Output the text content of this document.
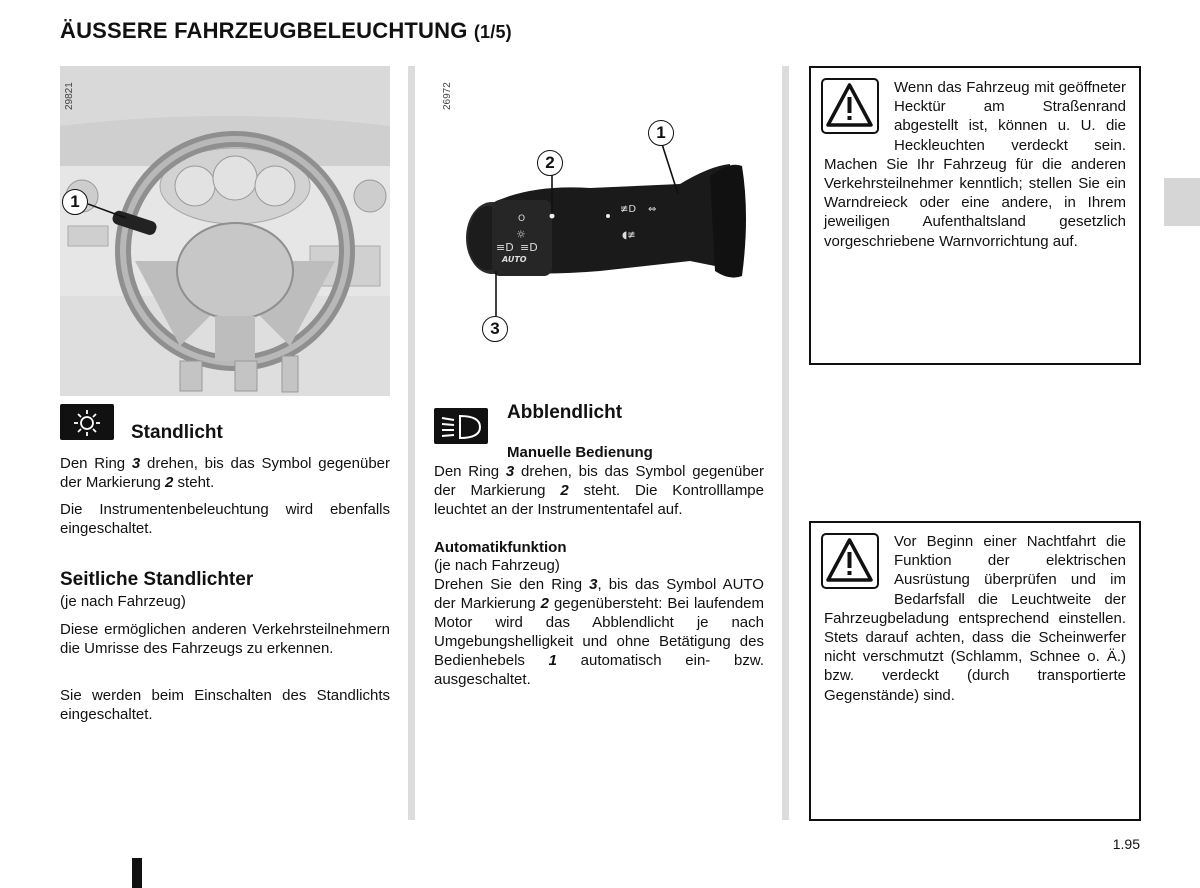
ÄUSSERE FAHRZEUGBELEUCHTUNG (1/5)
29821
1
26972
O
☼
≡D ≡D
AUTO
≢D ⇔
◖≢
1
2
3
Standlicht
Den Ring 3 drehen, bis das Symbol gegenüber der Markierung 2 steht.
Die Instrumentenbeleuchtung wird ebenfalls eingeschaltet.
Seitliche Standlichter
(je nach Fahrzeug)
Diese ermöglichen anderen Verkehrsteilnehmern die Umrisse des Fahrzeugs zu erkennen.
Sie werden beim Einschalten des Standlichts eingeschaltet.
Abblendlicht
Manuelle Bedienung
Den Ring 3 drehen, bis das Symbol gegenüber der Markierung 2 steht. Die Kontrolllampe leuchtet an der Instrumententafel auf.
Automatikfunktion
(je nach Fahrzeug)
Drehen Sie den Ring 3, bis das Symbol AUTO der Markierung 2 gegenübersteht: Bei laufendem Motor wird das Abblendlicht je nach Umgebungshelligkeit und ohne Betätigung des Bedienhebels 1 automatisch ein- bzw. ausgeschaltet.
Wenn das Fahrzeug mit geöffneter Hecktür am Straßenrand abgestellt ist, können u. U. die Heckleuchten verdeckt sein. Machen Sie Ihr Fahrzeug für die anderen Verkehrsteilnehmer kenntlich; stellen Sie ein Warndreieck oder eine andere, in Ihrem jeweiligen Aufenthaltsland gesetzlich vorgeschriebene Warnvorrichtung auf.
Vor Beginn einer Nachtfahrt die Funktion der elektrischen Ausrüstung überprüfen und im Bedarfsfall die Leuchtweite der Fahrzeugbeladung entsprechend einstellen. Stets darauf achten, dass die Scheinwerfer nicht verschmutzt (Schlamm, Schnee o. Ä.) bzw. verdeckt (durch transportierte Gegenstände) sind.
1.95
